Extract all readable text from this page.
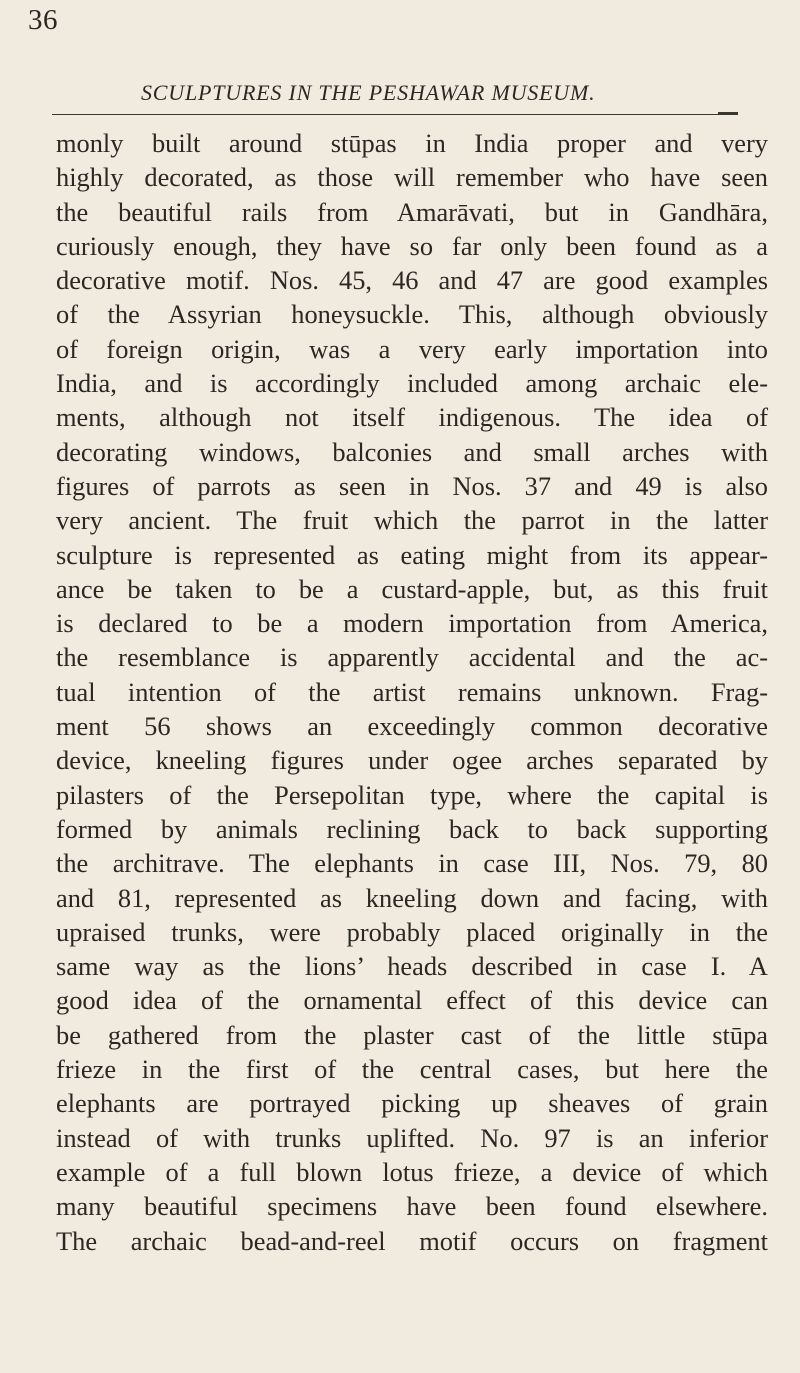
36
SCULPTURES IN THE PESHAWAR MUSEUM.

monly built around stūpas in India proper and very
highly decorated, as those will remember who have seen
the beautiful rails from Amarāvati, but in Gandhāra,
curiously enough, they have so far only been found as a
decorative motif. Nos. 45, 46 and 47 are good examples
of the Assyrian honeysuckle. This, although obviously
of foreign origin, was a very early importation into
India, and is accordingly included among archaic ele-
ments, although not itself indigenous. The idea of
decorating windows, balconies and small arches with
figures of parrots as seen in Nos. 37 and 49 is also
very ancient. The fruit which the parrot in the latter
sculpture is represented as eating might from its appear-
ance be taken to be a custard-apple, but, as this fruit
is declared to be a modern importation from America,
the resemblance is apparently accidental and the ac-
tual intention of the artist remains unknown. Frag-
ment 56 shows an exceedingly common decorative
device, kneeling figures under ogee arches separated by
pilasters of the Persepolitan type, where the capital is
formed by animals reclining back to back supporting
the architrave. The elephants in case III, Nos. 79, 80
and 81, represented as kneeling down and facing, with
upraised trunks, were probably placed originally in the
same way as the lions’ heads described in case I. A
good idea of the ornamental effect of this device can
be gathered from the plaster cast of the little stūpa
frieze in the first of the central cases, but here the
elephants are portrayed picking up sheaves of grain
instead of with trunks uplifted. No. 97 is an inferior
example of a full blown lotus frieze, a device of which
many beautiful specimens have been found elsewhere.
The archaic bead-and-reel motif occurs on fragment
